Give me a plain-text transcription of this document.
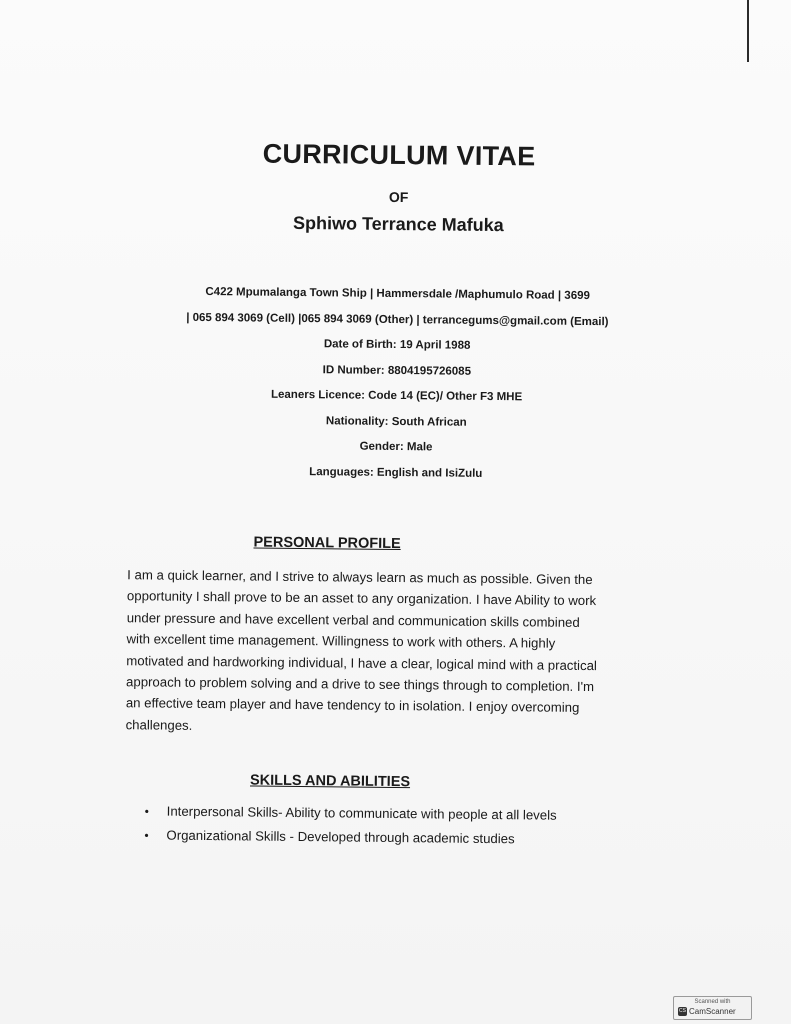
CURRICULUM VITAE
OF
Sphiwo Terrance Mafuka
C422 Mpumalanga Town Ship | Hammersdale /Maphumulo Road | 3699
| 065 894 3069 (Cell) |065 894 3069 (Other) | terrancegums@gmail.com (Email)
Date of Birth: 19 April 1988
ID Number: 8804195726085
Leaners Licence: Code 14 (EC)/ Other F3 MHE
Nationality: South African
Gender: Male
Languages: English and IsiZulu
PERSONAL PROFILE
I am a quick learner, and I strive to always learn as much as possible. Given the
opportunity I shall prove to be an asset to any organization. I have Ability to work
under pressure and have excellent verbal and communication skills combined
with excellent time management. Willingness to work with others. A highly
motivated and hardworking individual, I have a clear, logical mind with a practical
approach to problem solving and a drive to see things through to completion. I'm
an effective team player and have tendency to in isolation. I enjoy overcoming
challenges.
SKILLS AND ABILITIES
• Interpersonal Skills- Ability to communicate with people at all levels
• Organizational Skills - Developed through academic studies
Scanned with
CS CamScanner
